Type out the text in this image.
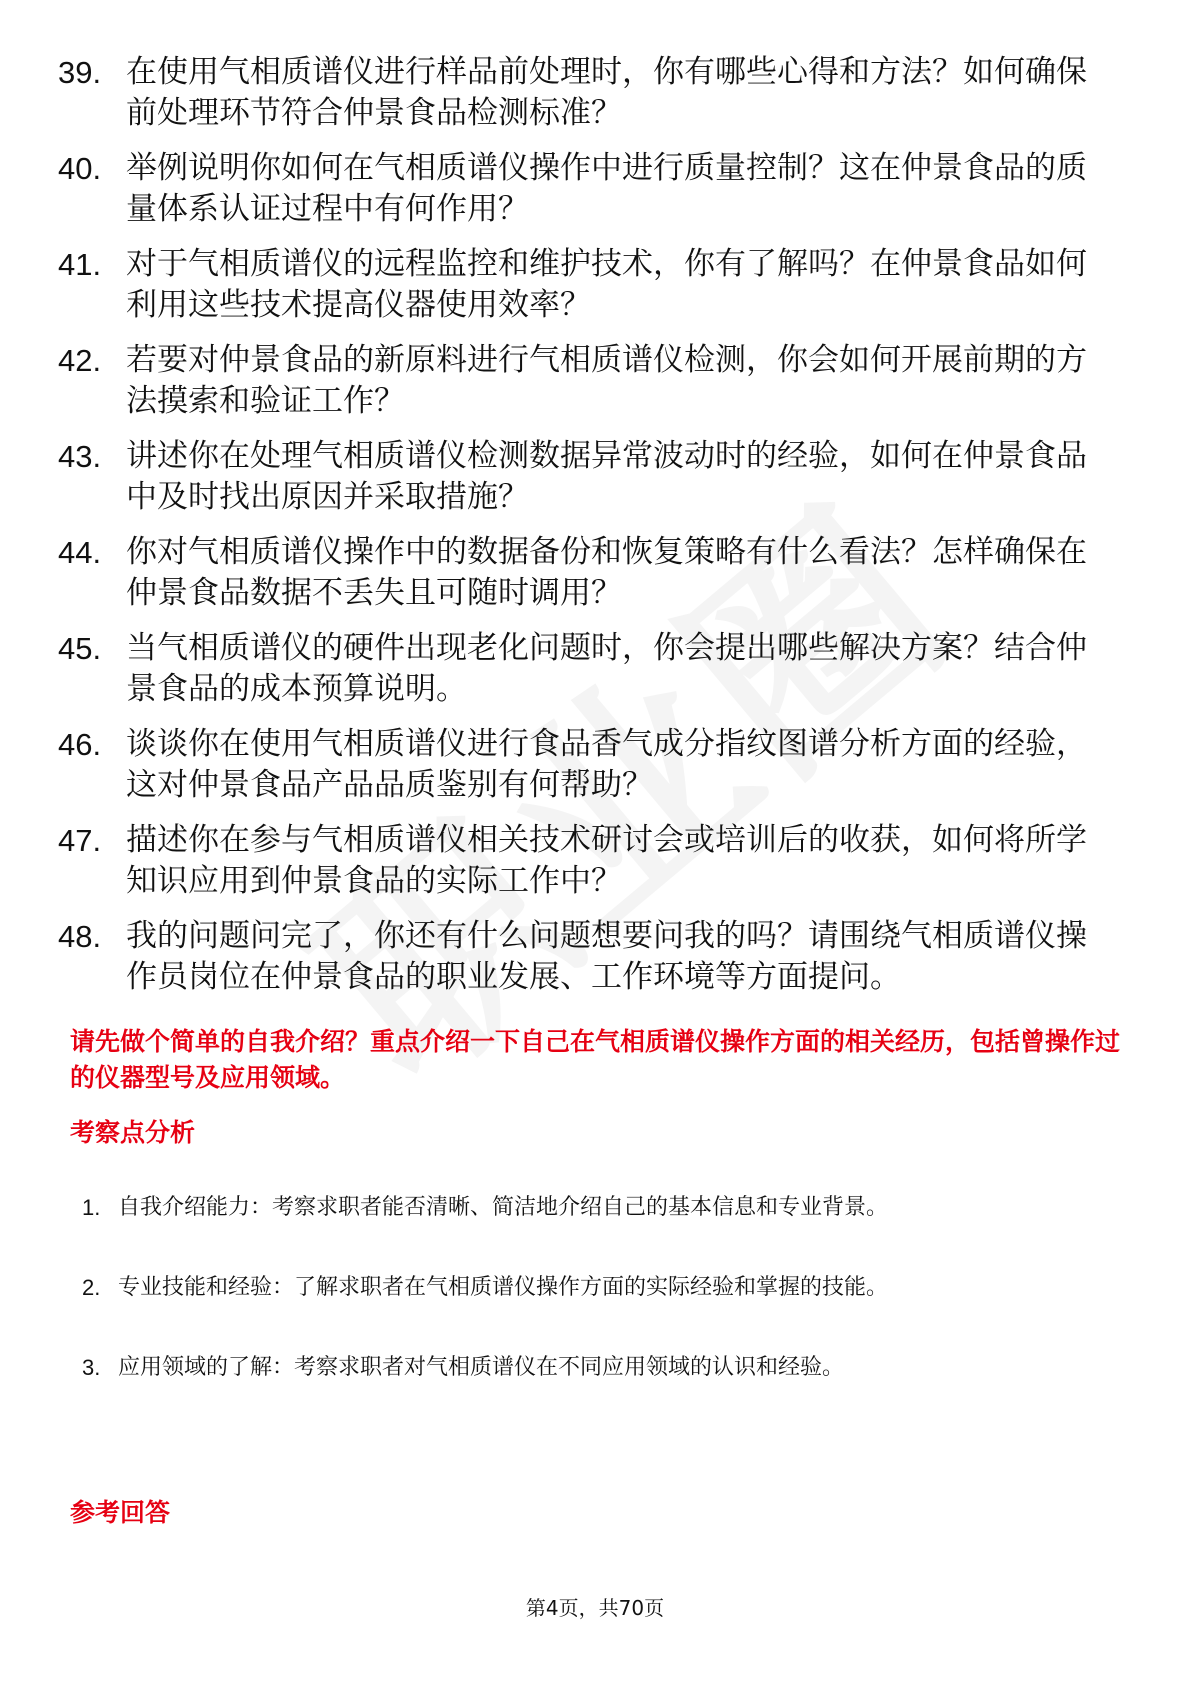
39. 在使用气相质谱仪进行样品前处理时，你有哪些心得和方法？如何确保前处理环节符合仲景食品检测标准？
40. 举例说明你如何在气相质谱仪操作中进行质量控制？这在仲景食品的质量体系认证过程中有何作用？
41. 对于气相质谱仪的远程监控和维护技术，你有了解吗？在仲景食品如何利用这些技术提高仪器使用效率？
42. 若要对仲景食品的新原料进行气相质谱仪检测，你会如何开展前期的方法摸索和验证工作？
43. 讲述你在处理气相质谱仪检测数据异常波动时的经验，如何在仲景食品中及时找出原因并采取措施？
44. 你对气相质谱仪操作中的数据备份和恢复策略有什么看法？怎样确保在仲景食品数据不丢失且可随时调用？
45. 当气相质谱仪的硬件出现老化问题时，你会提出哪些解决方案？结合仲景食品的成本预算说明。
46. 谈谈你在使用气相质谱仪进行食品香气成分指纹图谱分析方面的经验，这对仲景食品产品品质鉴别有何帮助？
47. 描述你在参与气相质谱仪相关技术研讨会或培训后的收获，如何将所学知识应用到仲景食品的实际工作中？
48. 我的问题问完了，你还有什么问题想要问我的吗？请围绕气相质谱仪操作员岗位在仲景食品的职业发展、工作环境等方面提问。
请先做个简单的自我介绍？重点介绍一下自己在气相质谱仪操作方面的相关经历，包括曾操作过的仪器型号及应用领域。
考察点分析
1. 自我介绍能力：考察求职者能否清晰、简洁地介绍自己的基本信息和专业背景。
2. 专业技能和经验：了解求职者在气相质谱仪操作方面的实际经验和掌握的技能。
3. 应用领域的了解：考察求职者对气相质谱仪在不同应用领域的认识和经验。
参考回答
第4页，共70页
